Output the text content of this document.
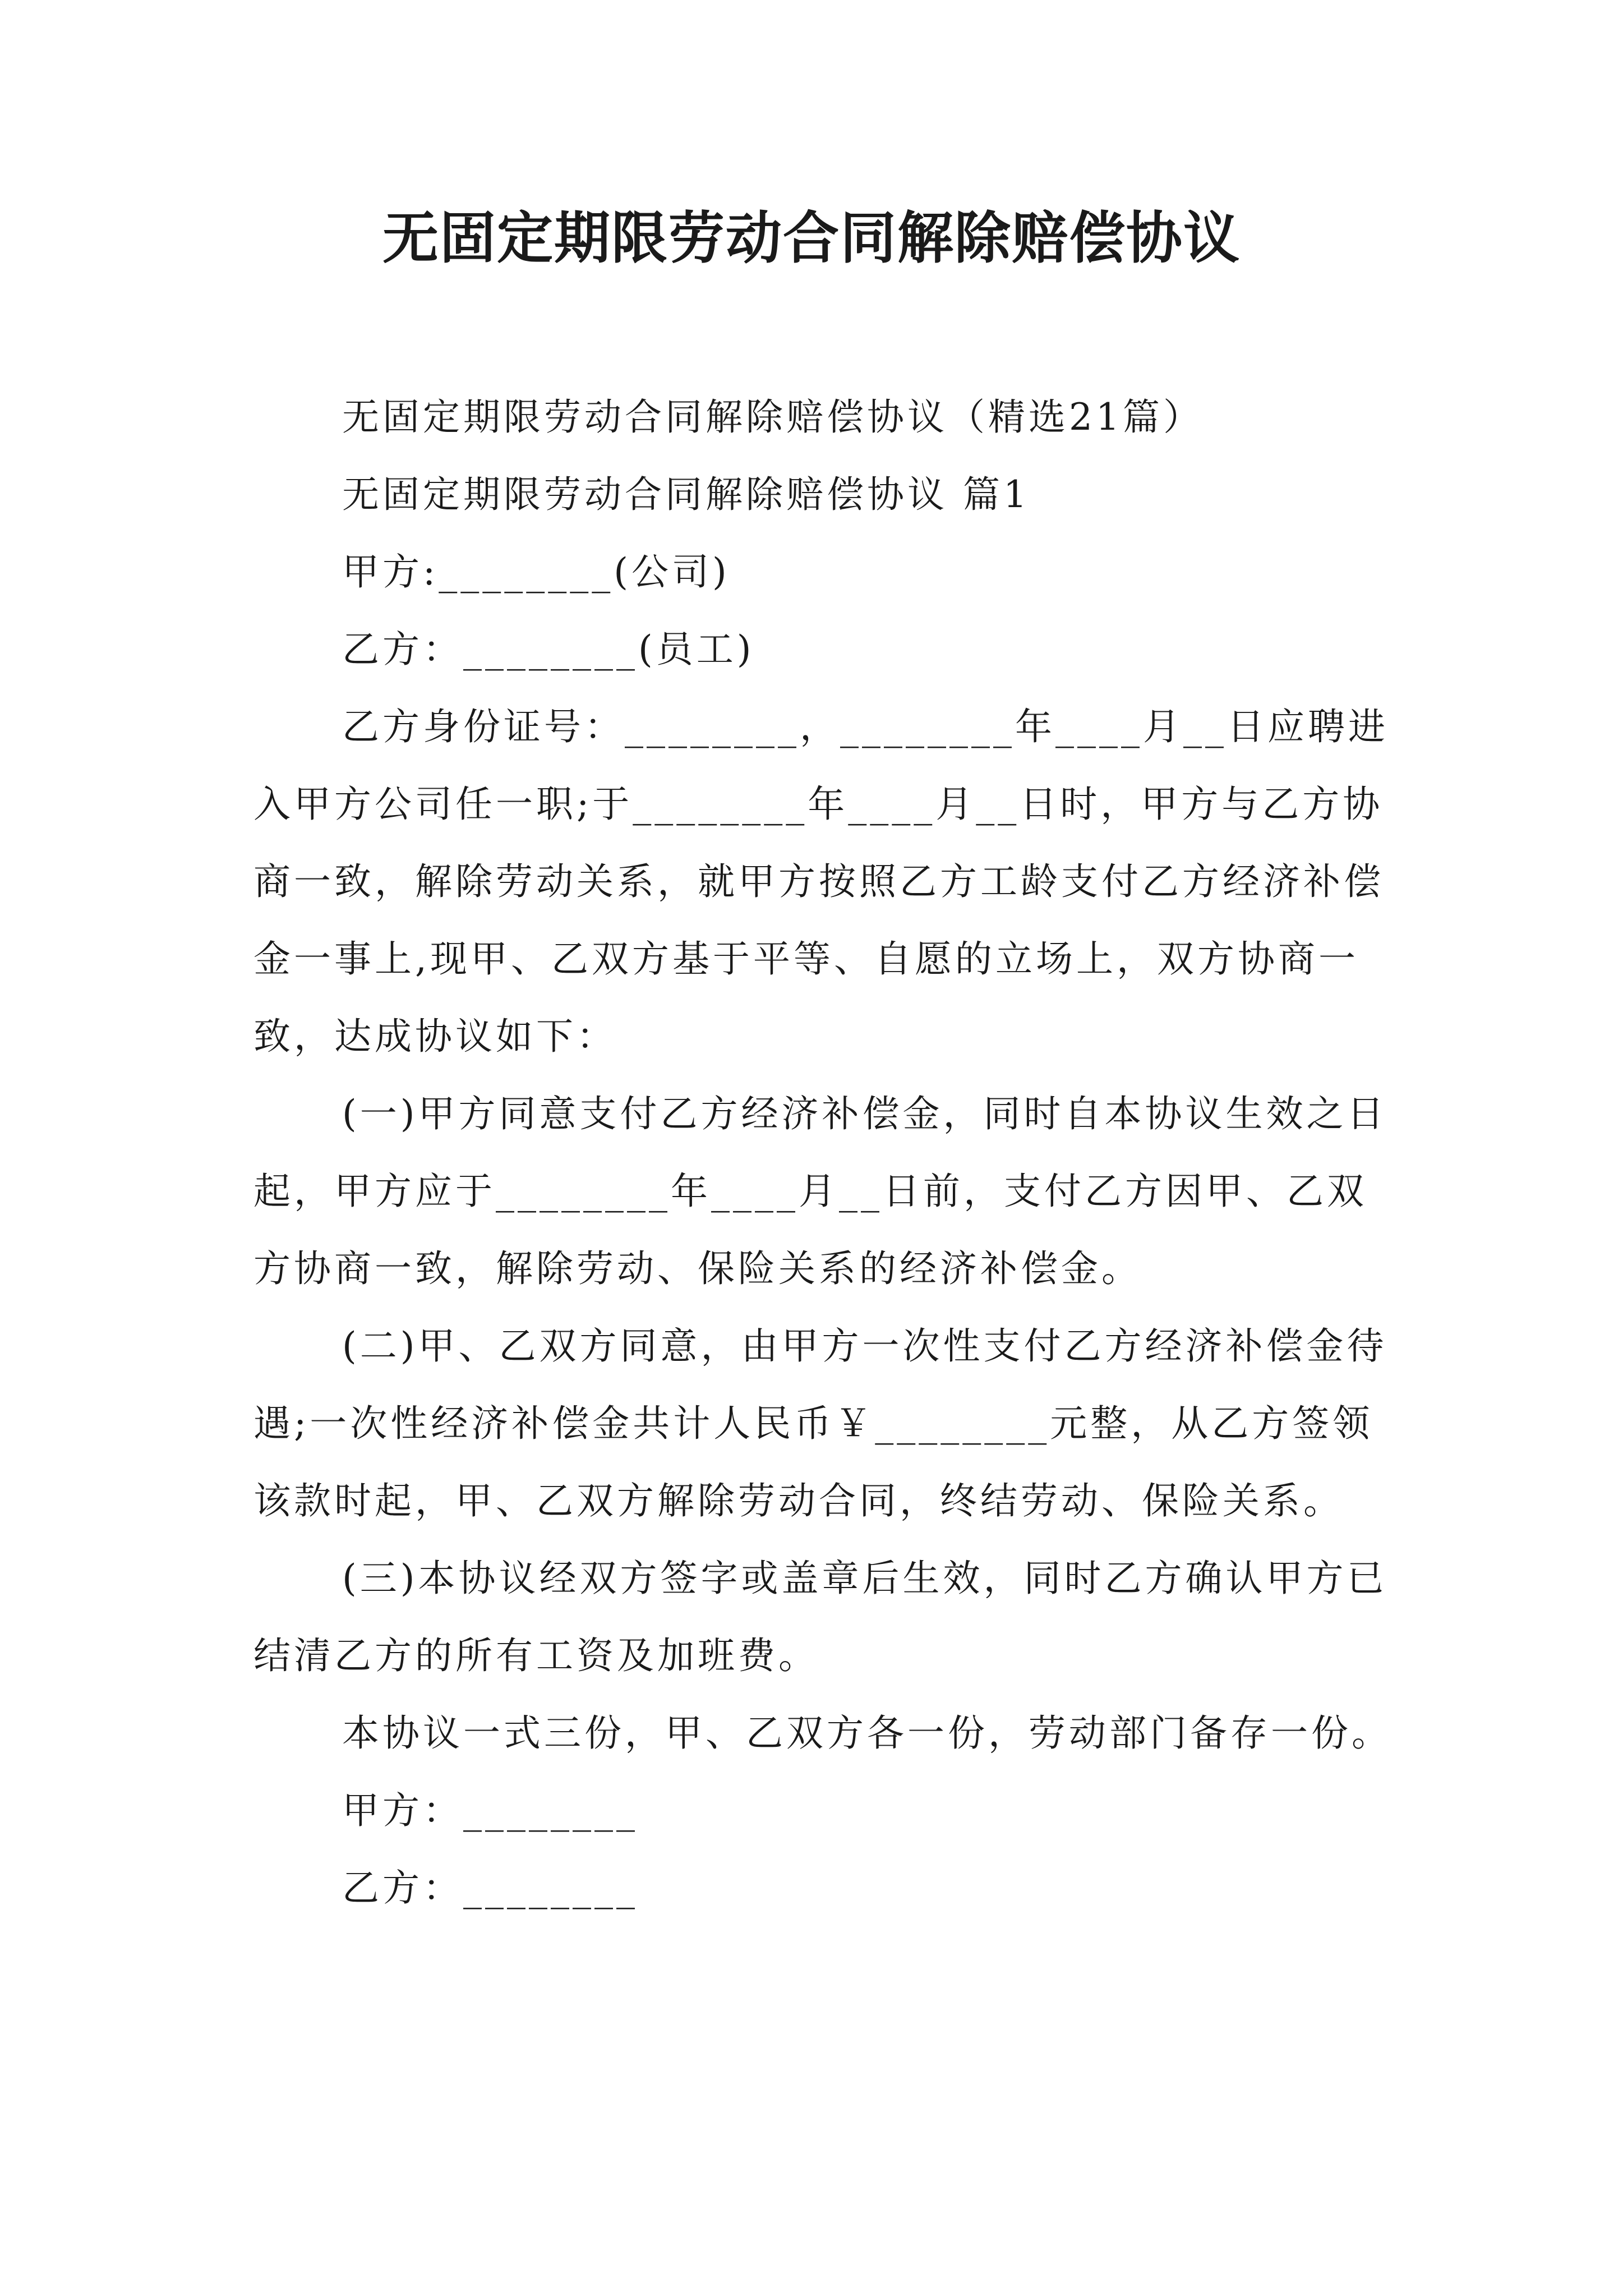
无固定期限劳动合同解除赔偿协议

无固定期限劳动合同解除赔偿协议（精选21篇）

无固定期限劳动合同解除赔偿协议 篇1

甲方:________(公司)

乙方：________(员工)

乙方身份证号：________，________年____月__日应聘进入甲方公司任一职;于________年____月__日时，甲方与乙方协商一致，解除劳动关系，就甲方按照乙方工龄支付乙方经济补偿金一事上,现甲、乙双方基于平等、自愿的立场上，双方协商一致，达成协议如下：

(一)甲方同意支付乙方经济补偿金，同时自本协议生效之日起，甲方应于________年____月__日前，支付乙方因甲、乙双方协商一致，解除劳动、保险关系的经济补偿金。

(二)甲、乙双方同意，由甲方一次性支付乙方经济补偿金待遇;一次性经济补偿金共计人民币￥________元整，从乙方签领该款时起，甲、乙双方解除劳动合同，终结劳动、保险关系。

(三)本协议经双方签字或盖章后生效，同时乙方确认甲方已结清乙方的所有工资及加班费。

本协议一式三份，甲、乙双方各一份，劳动部门备存一份。

甲方：________

乙方：________
